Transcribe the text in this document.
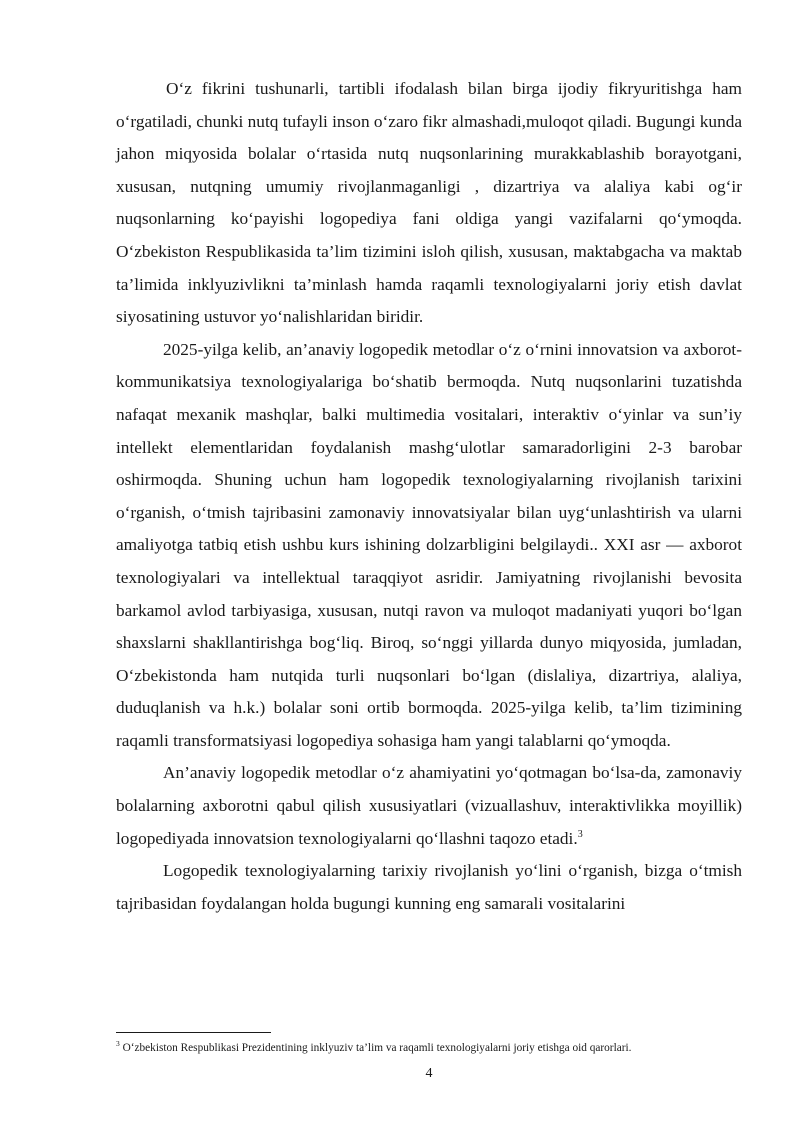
O‘z fikrini tushunarli, tartibli ifodalash bilan birga ijodiy fikryuritishga ham o‘rgatiladi, chunki nutq tufayli inson o‘zaro fikr almashadi,muloqot qiladi. Bugungi kunda jahon miqyosida bolalar o‘rtasida nutq nuqsonlarining murakkablashib borayotgani, xususan, nutqning umumiy rivojlanmaganligi , dizartriya va alaliya kabi og‘ir nuqsonlarning ko‘payishi logopediya fani oldiga yangi vazifalarni qo‘ymoqda. O‘zbekiston Respublikasida ta’lim tizimini isloh qilish, xususan, maktabgacha va maktab ta’limida inklyuzivlikni ta’minlash hamda raqamli texnologiyalarni joriy etish davlat siyosatining ustuvor yo‘nalishlaridan biridir.

2025-yilga kelib, an’anaviy logopedik metodlar o‘z o‘rnini innovatsion va axborot-kommunikatsiya texnologiyalariga bo‘shatib bermoqda. Nutq nuqsonlarini tuzatishda nafaqat mexanik mashqlar, balki multimedia vositalari, interaktiv o‘yinlar va sun’iy intellekt elementlaridan foydalanish mashg‘ulotlar samaradorligini 2-3 barobar oshirmoqda. Shuning uchun ham logopedik texnologiyalarning rivojlanish tarixini o‘rganish, o‘tmish tajribasini zamonaviy innovatsiyalar bilan uyg‘unlashtirish va ularni amaliyotga tatbiq etish ushbu kurs ishining dolzarbligini belgilaydi.. XXI asr — axborot texnologiyalari va intellektual taraqqiyot asridir. Jamiyatning rivojlanishi bevosita barkamol avlod tarbiyasiga, xususan, nutqi ravon va muloqot madaniyati yuqori bo‘lgan shaxslarni shakllantirishga bog‘liq. Biroq, so‘nggi yillarda dunyo miqyosida, jumladan, O‘zbekistonda ham nutqida turli nuqsonlari bo‘lgan (dislaliya, dizartriya, alaliya, duduqlanish va h.k.) bolalar soni ortib bormoqda. 2025-yilga kelib, ta’lim tizimining raqamli transformatsiyasi logopediya sohasiga ham yangi talablarni qo‘ymoqda.

An’anaviy logopedik metodlar o‘z ahamiyatini yo‘qotmagan bo‘lsa-da, zamonaviy bolalarning axborotni qabul qilish xususiyatlari (vizuallashuv, interaktivlikka moyillik) logopediyada innovatsion texnologiyalarni qo‘llashni taqozo etadi.$^3$

Logopedik texnologiyalarning tarixiy rivojlanish yo‘lini o‘rganish, bizga o‘tmish tajribasidan foydalangan holda bugungi kunning eng samarali vositalarini

$^3$ O‘zbekiston Respublikasi Prezidentining inklyuziv ta’lim va raqamli texnologiyalarni joriy etishga oid qarorlari.
4
